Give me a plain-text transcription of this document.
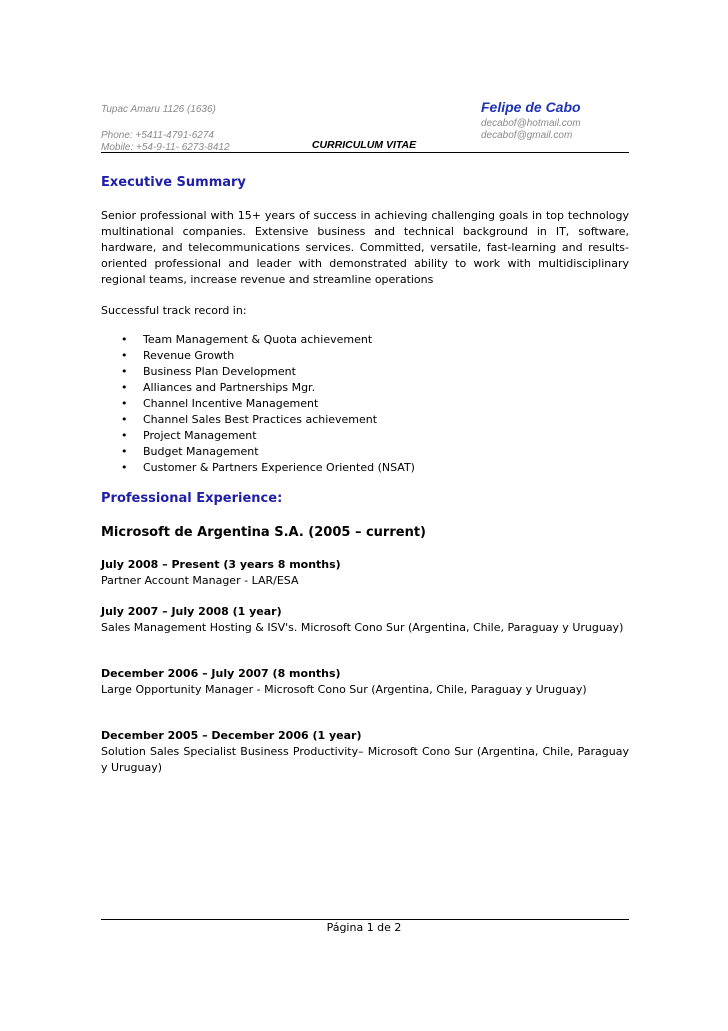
Tupac Amaru 1126 (1636)
Phone: +5411-4791-6274
Mobile: +54-9-11- 6273-8412
Felipe de Cabo
decabof@hotmail.com
decabof@gmail.com
CURRICULUM VITAE
Executive Summary

Senior professional with 15+ years of success in achieving challenging goals in top technology multinational companies. Extensive business and technical background in IT, software, hardware, and telecommunications services. Committed, versatile, fast-learning and results-oriented professional and leader with demonstrated ability to work with multidisciplinary regional teams, increase revenue and streamline operations

Successful track record in:

• Team Management & Quota achievement
• Revenue Growth
• Business Plan Development
• Alliances and Partnerships Mgr.
• Channel Incentive Management
• Channel Sales Best Practices achievement
• Project Management
• Budget Management
• Customer & Partners Experience Oriented (NSAT)
Professional Experience:
Microsoft de Argentina S.A. (2005 – current)

July 2008 – Present (3 years 8 months)

Partner Account Manager - LAR/ESA

July 2007 – July 2008 (1 year)

Sales Management Hosting & ISV's. Microsoft Cono Sur (Argentina, Chile, Paraguay y Uruguay)

December 2006 – July 2007 (8 months)

Large Opportunity Manager - Microsoft Cono Sur (Argentina, Chile, Paraguay y Uruguay)

December 2005 – December 2006 (1 year)

Solution Sales Specialist Business Productivity– Microsoft Cono Sur (Argentina, Chile, Paraguay y Uruguay)

Página 1 de 2
